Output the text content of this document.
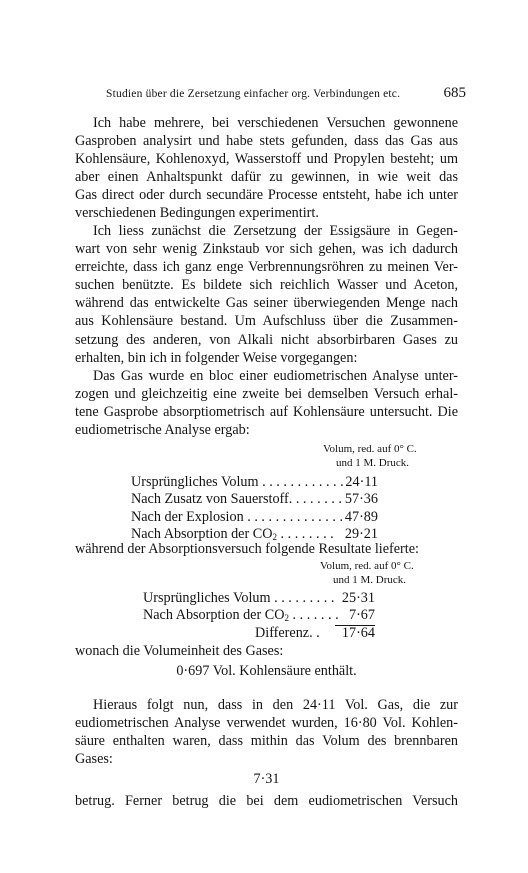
Studien über die Zersetzung einfacher org. Verbindungen etc.	685
Ich habe mehrere, bei verschiedenen Versuchen gewonnene
Gasproben analysirt und habe stets gefunden, dass das Gas aus
Kohlensäure, Kohlenoxyd, Wasserstoff und Propylen besteht; um
aber einen Anhaltspunkt dafür zu gewinnen, in wie weit das
Gas direct oder durch secundäre Processe entsteht, habe ich unter
verschiedenen Bedingungen experimentirt.
Ich liess zunächst die Zersetzung der Essigsäure in Gegen-
wart von sehr wenig Zinkstaub vor sich gehen, was ich dadurch
erreichte, dass ich ganz enge Verbrennungsröhren zu meinen Ver-
suchen benützte. Es bildete sich reichlich Wasser und Aceton,
während das entwickelte Gas seiner überwiegenden Menge nach
aus Kohlensäure bestand. Um Aufschluss über die Zusammen-
setzung des anderen, von Alkali nicht absorbirbaren Gases zu
erhalten, bin ich in folgender Weise vorgegangen:
Das Gas wurde en bloc einer eudiometrischen Analyse unter-
zogen und gleichzeitig eine zweite bei demselben Versuch erhal-
tene Gasprobe absorptiometrisch auf Kohlensäure untersucht. Die
eudiometrische Analyse ergab:
Volum, red. auf 0° C.
und 1 M. Druck.
Ursprüngliches Volum . . . . . . . . . . . . 24·11
Nach Zusatz von Sauerstoff. . . . . . . . 57·36
Nach der Explosion . . . . . . . . . . . . . . 47·89
Nach Absorption der $CO_2$ . . . . . . . . 29·21
während der Absorptionsversuch folgende Resultate lieferte:
Volum, red. auf 0° C.
und 1 M. Druck.
Ursprüngliches Volum . . . . . . . . . 25·31
Nach Absorption der $CO_2$ . . . . . . . 7·67
Differenz. . 17·64
wonach die Volumeinheit des Gases:
0·697 Vol. Kohlensäure enthält.
Hieraus folgt nun, dass in den 24·11 Vol. Gas, die zur
eudiometrischen Analyse verwendet wurden, 16·80 Vol. Kohlen-
säure enthalten waren, dass mithin das Volum des brennbaren
Gases:
7·31
betrug. Ferner betrug die bei dem eudiometrischen Versuch
